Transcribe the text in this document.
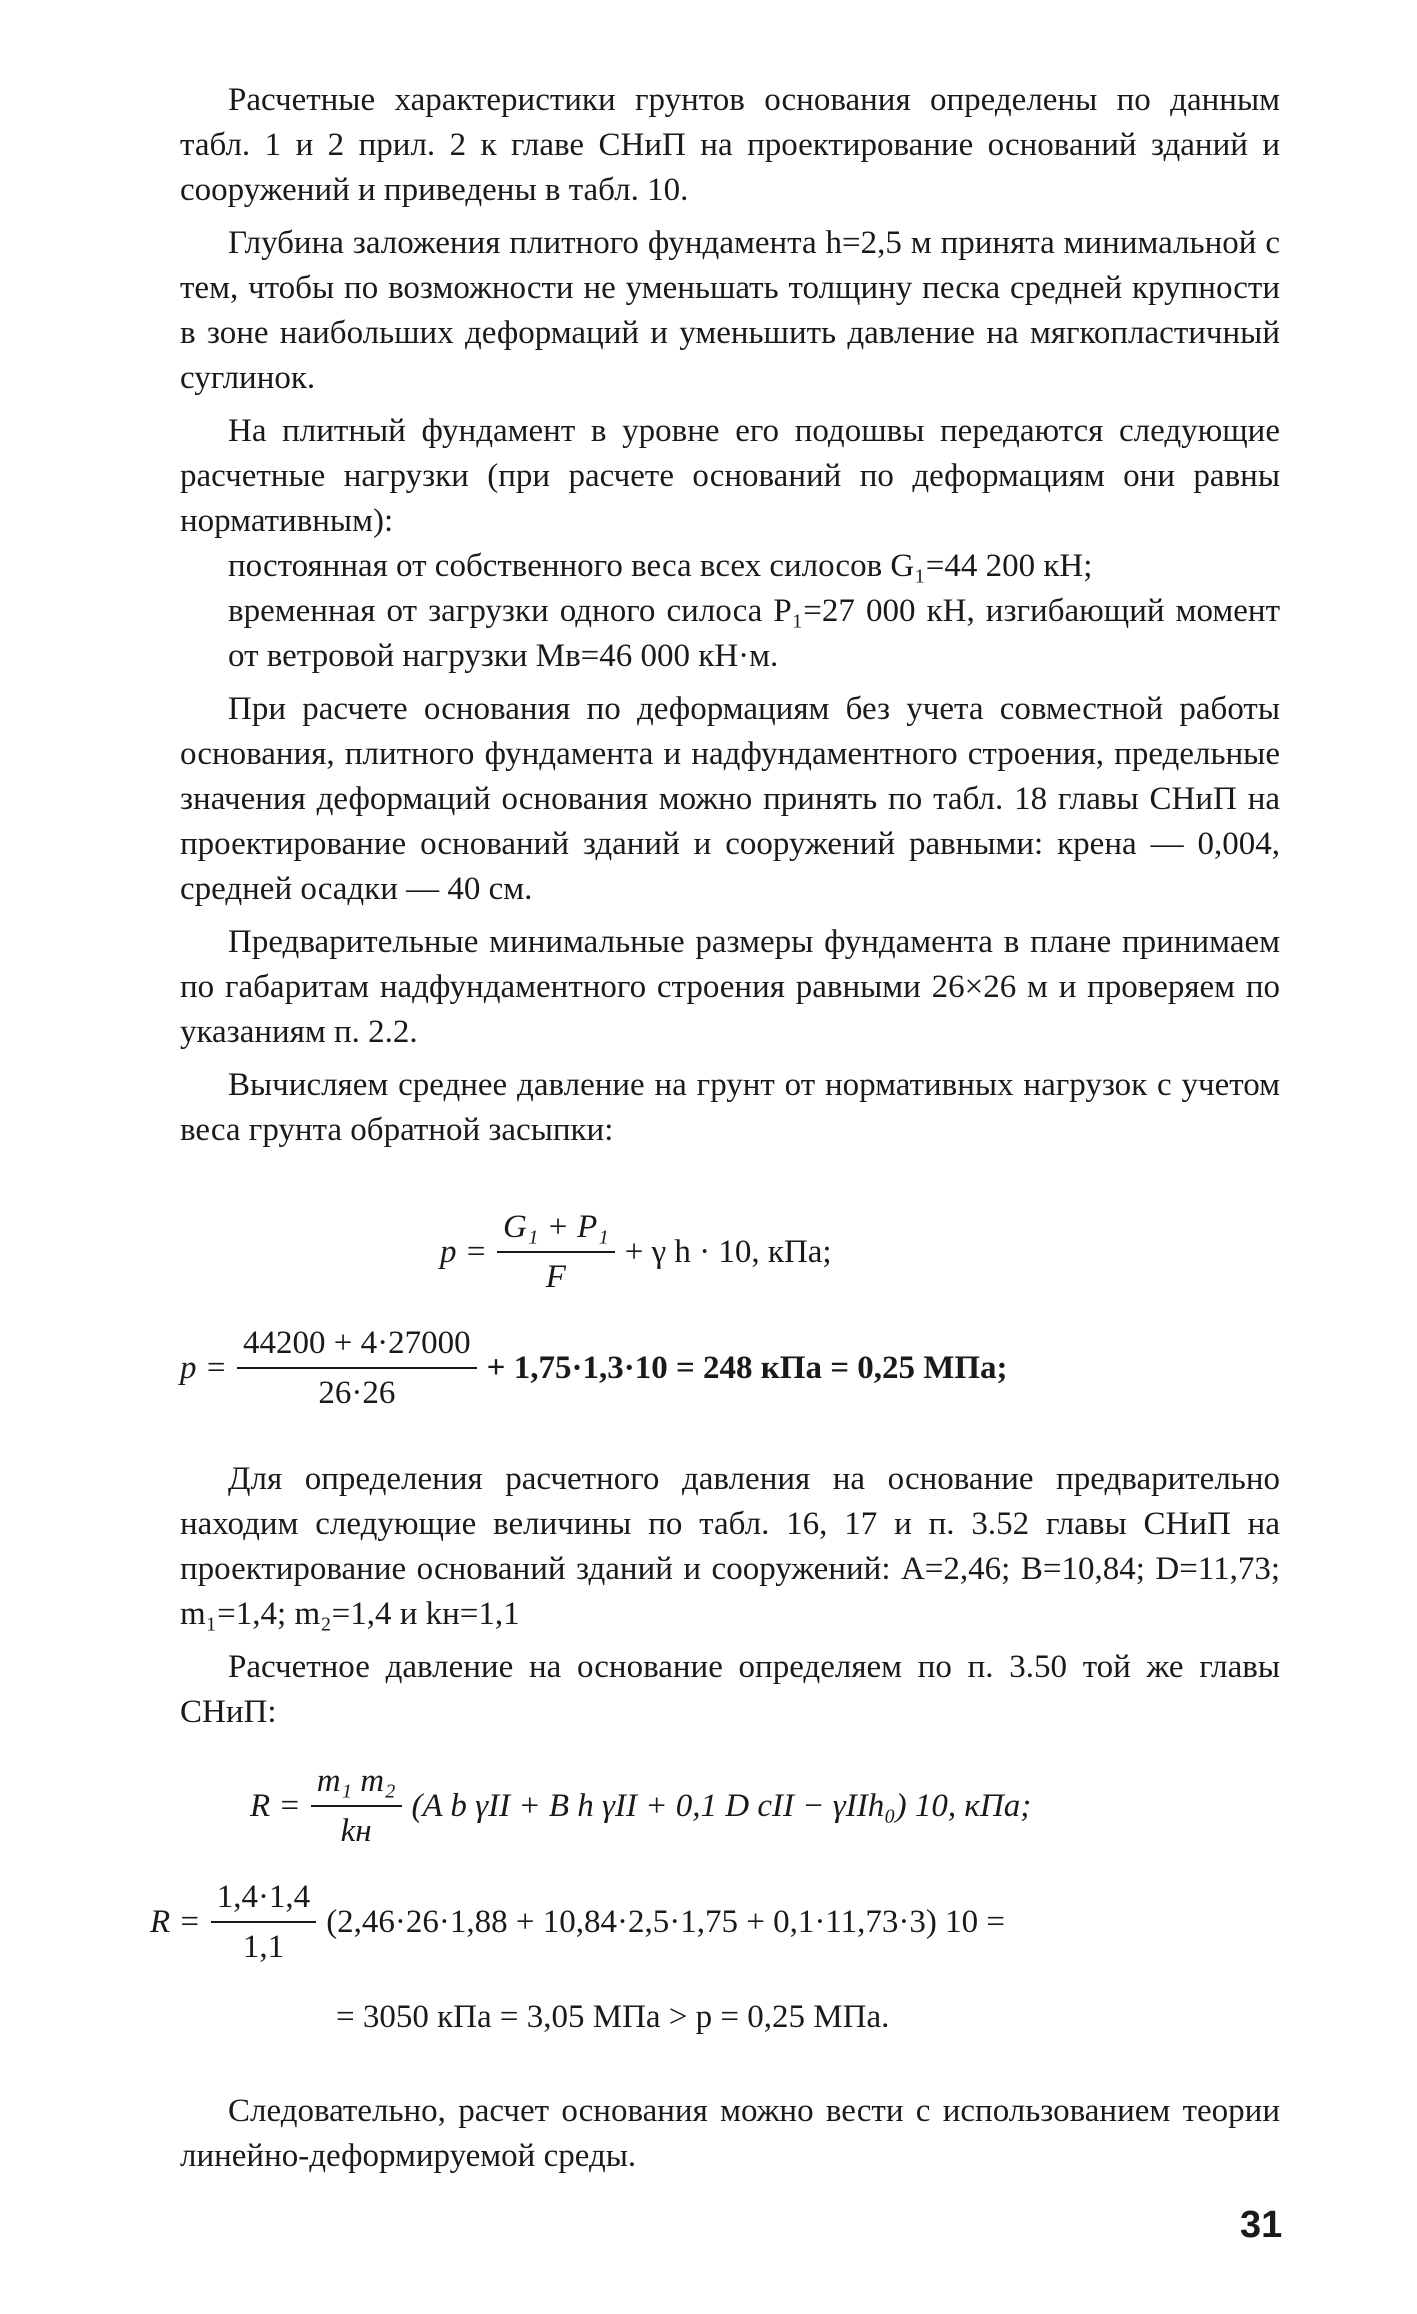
Расчетные характеристики грунтов основания определены по данным табл. 1 и 2 прил. 2 к главе СНиП на проектирование оснований зданий и сооружений и приведены в табл. 10.

Глубина заложения плитного фундамента h=2,5 м принята минимальной с тем, чтобы по возможности не уменьшать толщину песка средней крупности в зоне наибольших деформаций и уменьшить давление на мягкопластичный суглинок.

На плитный фундамент в уровне его подошвы передаются следующие расчетные нагрузки (при расчете оснований по деформациям они равны нормативным):

постоянная от собственного веса всех силосов G₁=44 200 кН;

временная от загрузки одного силоса P₁=27 000 кН, изгибающий момент от ветровой нагрузки Mв=46 000 кН·м.

При расчете основания по деформациям без учета совместной работы основания, плитного фундамента и надфундаментного строения, предельные значения деформаций основания можно принять по табл. 18 главы СНиП на проектирование оснований зданий и сооружений равными: крена — 0,004, средней осадки — 40 см.

Предварительные минимальные размеры фундамента в плане принимаем по габаритам надфундаментного строения равными 26×26 м и проверяем по указаниям п. 2.2.

Вычисляем среднее давление на грунт от нормативных нагрузок с учетом веса грунта обратной засыпки:

$p = \frac{\text{G₁ + P₁}}{F} + \gamma$ h · 10, кПа;
$p = \frac{44200 + 4\cdot 27000}{26\cdot 26} + 1,75\cdot 1,3\cdot 10 = 248$ кПа = 0,25 МПа;

Для определения расчетного давления на основание предварительно находим следующие величины по табл. 16, 17 и п. 3.52 главы СНиП на проектирование оснований зданий и сооружений: A=2,46; B=10,84; D=11,73; m₁=1,4; m₂=1,4 и kн=1,1

Расчетное давление на основание определяем по п. 3.50 той же главы СНиП:

$R = \frac{\text{m₁ m₂}}{kн} (A$ b γII + B h γII + 0,1 D cII − γIIh₀) 10, кПа;
$R = \frac{1,4\cdot 1,4}{1,1} (2,46\cdot 26\cdot 1,88 + 10,84\cdot 2,5\cdot 1,75 + 0,1\cdot 11,73\cdot 3) 10$ =
= 3050 кПа = 3,05 МПа > p = 0,25 МПа.

Следовательно, расчет основания можно вести с использованием теории линейно-деформируемой среды.

31
